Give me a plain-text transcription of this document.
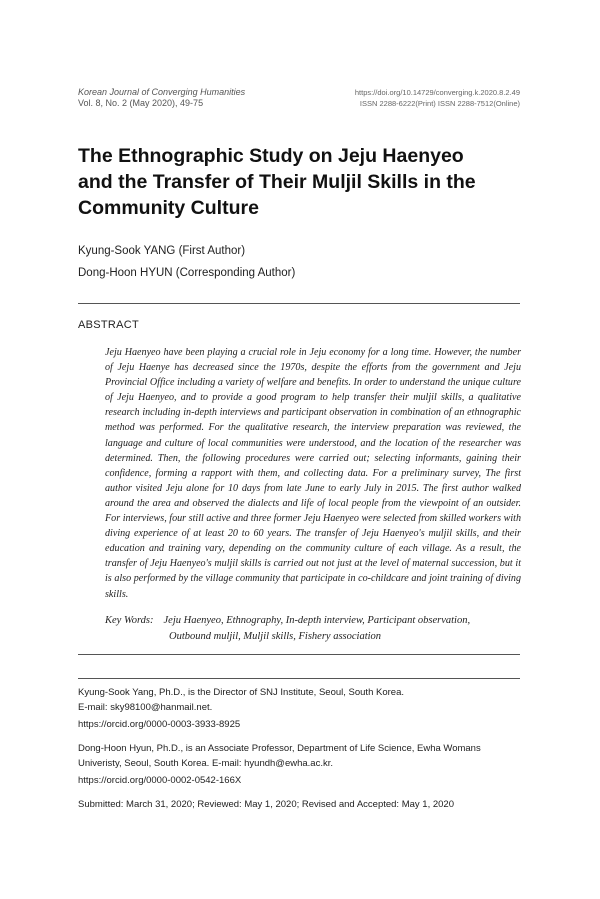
Korean Journal of Converging Humanities
Vol. 8, No. 2 (May 2020), 49-75
https://doi.org/10.14729/converging.k.2020.8.2.49
ISSN 2288-6222(Print) ISSN 2288-7512(Online)
The Ethnographic Study on Jeju Haenyeo
and the Transfer of Their Muljil Skills in the
Community Culture
Kyung-Sook YANG (First Author)
Dong-Hoon HYUN (Corresponding Author)
ABSTRACT

Jeju Haenyeo have been playing a crucial role in Jeju economy for a long time. However, the number of Jeju Haenye has decreased since the 1970s, despite the efforts from the government and Jeju Provincial Office including a variety of welfare and benefits. In order to understand the unique culture of Jeju Haenyeo, and to provide a good program to help transfer their muljil skills, a qualitative research including in-depth interviews and participant observation in combination of an ethnographic method was performed. For the qualitative research, the interview preparation was reviewed, the language and culture of local communities were understood, and the location of the researcher was determined. Then, the following procedures were carried out; selecting informants, gaining their confidence, forming a rapport with them, and collecting data. For a preliminary survey, The first author visited Jeju alone for 10 days from late June to early July in 2015. The first author walked around the area and observed the dialects and life of local people from the viewpoint of an outsider. For interviews, four still active and three former Jeju Haenyeo were selected from skilled workers with diving experience of at least 20 to 60 years. The transfer of Jeju Haenyeo's muljil skills, and their education and training vary, depending on the community culture of each village. As a result, the transfer of Jeju Haenyeo's muljil skills is carried out not just at the level of maternal succession, but it is also performed by the village community that participate in co-childcare and joint training of diving skills.

Key Words: Jeju Haenyeo, Ethnography, In-depth interview, Participant observation,
Outbound muljil, Muljil skills, Fishery association

Kyung-Sook Yang, Ph.D., is the Director of SNJ Institute, Seoul, South Korea.

E-mail: sky98100@hanmail.net.

https://orcid.org/0000-0003-3933-8925

Dong-Hoon Hyun, Ph.D., is an Associate Professor, Department of Life Science, Ewha Womans

Univeristy, Seoul, South Korea. E-mail: hyundh@ewha.ac.kr.

https://orcid.org/0000-0002-0542-166X

Submitted: March 31, 2020; Reviewed: May 1, 2020; Revised and Accepted: May 1, 2020
